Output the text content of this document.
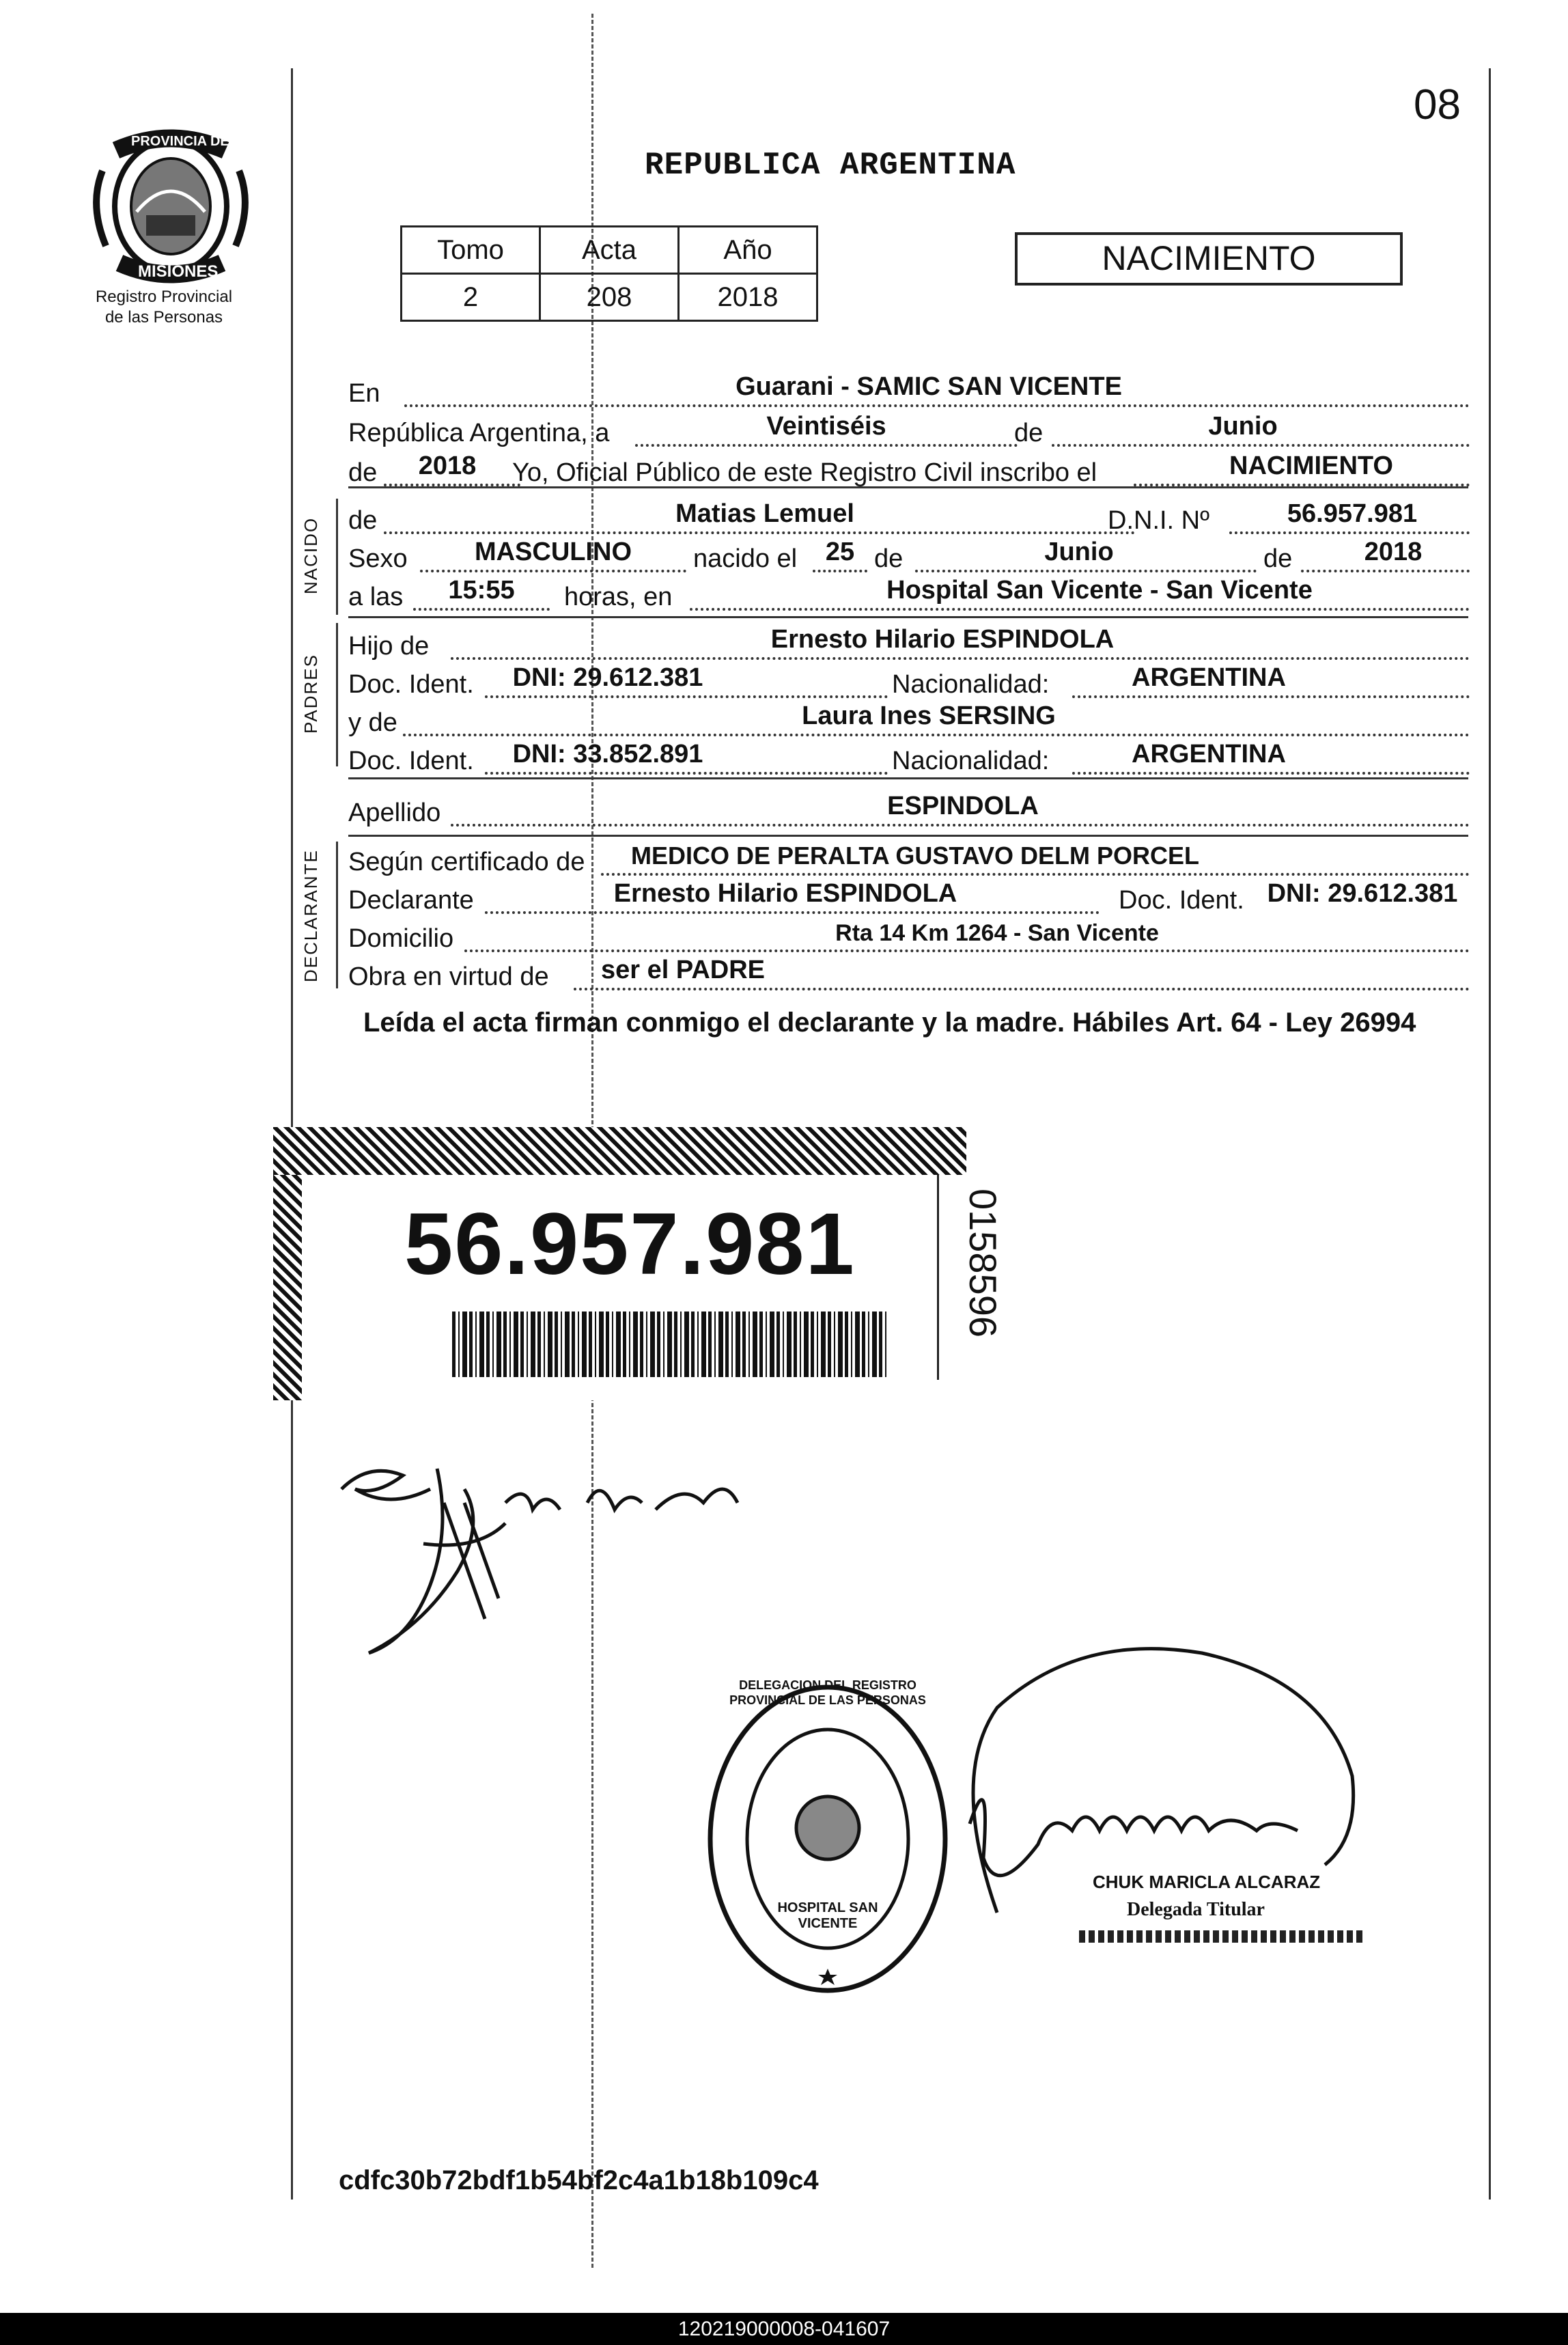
PROVINCIA DE
MISIONES
Registro Provincial
de las Personas
08
REPUBLICA ARGENTINA
Tomo	Acta	Año
2	208	2018
NACIMIENTO
En	Guarani - SAMIC SAN VICENTE
República Argentina, a	Veintiséis	de	Junio
de	2018	Yo, Oficial Público de este Registro Civil inscribo el	NACIMIENTO
NACIDO de	Matias Lemuel	D.N.I. Nº	56.957.981
Sexo	MASCULINO	nacido el	25 de	Junio	de	2018
a las	15:55	horas, en	Hospital San Vicente - San Vicente
PADRES
Hijo de	Ernesto Hilario ESPINDOLA
Doc. Ident.	DNI: 29.612.381	Nacionalidad:	ARGENTINA
y de	Laura Ines SERSING
Doc. Ident.	DNI: 33.852.891	Nacionalidad:	ARGENTINA
Apellido	ESPINDOLA
DECLARANTE Según certificado de	MEDICO DE PERALTA GUSTAVO DELM PORCEL
Declarante	Ernesto Hilario ESPINDOLA	Doc. Ident. DNI: 29.612.381
Domicilio	Rta 14 Km 1264 - San Vicente
Obra en virtud de	ser el PADRE
Leída el acta firman conmigo el declarante y la madre. Hábiles Art. 64 - Ley 26994
56.957.981	0158596
DELEGACION DEL REGISTRO PROVINCIAL DE LAS PERSONAS
HOSPITAL SAN VICENTE
CHUK MARICLA ALCARAZ
Delegada Titular
cdfc30b72bdf1b54bf2c4a1b18b109c4
120219000008-041607
